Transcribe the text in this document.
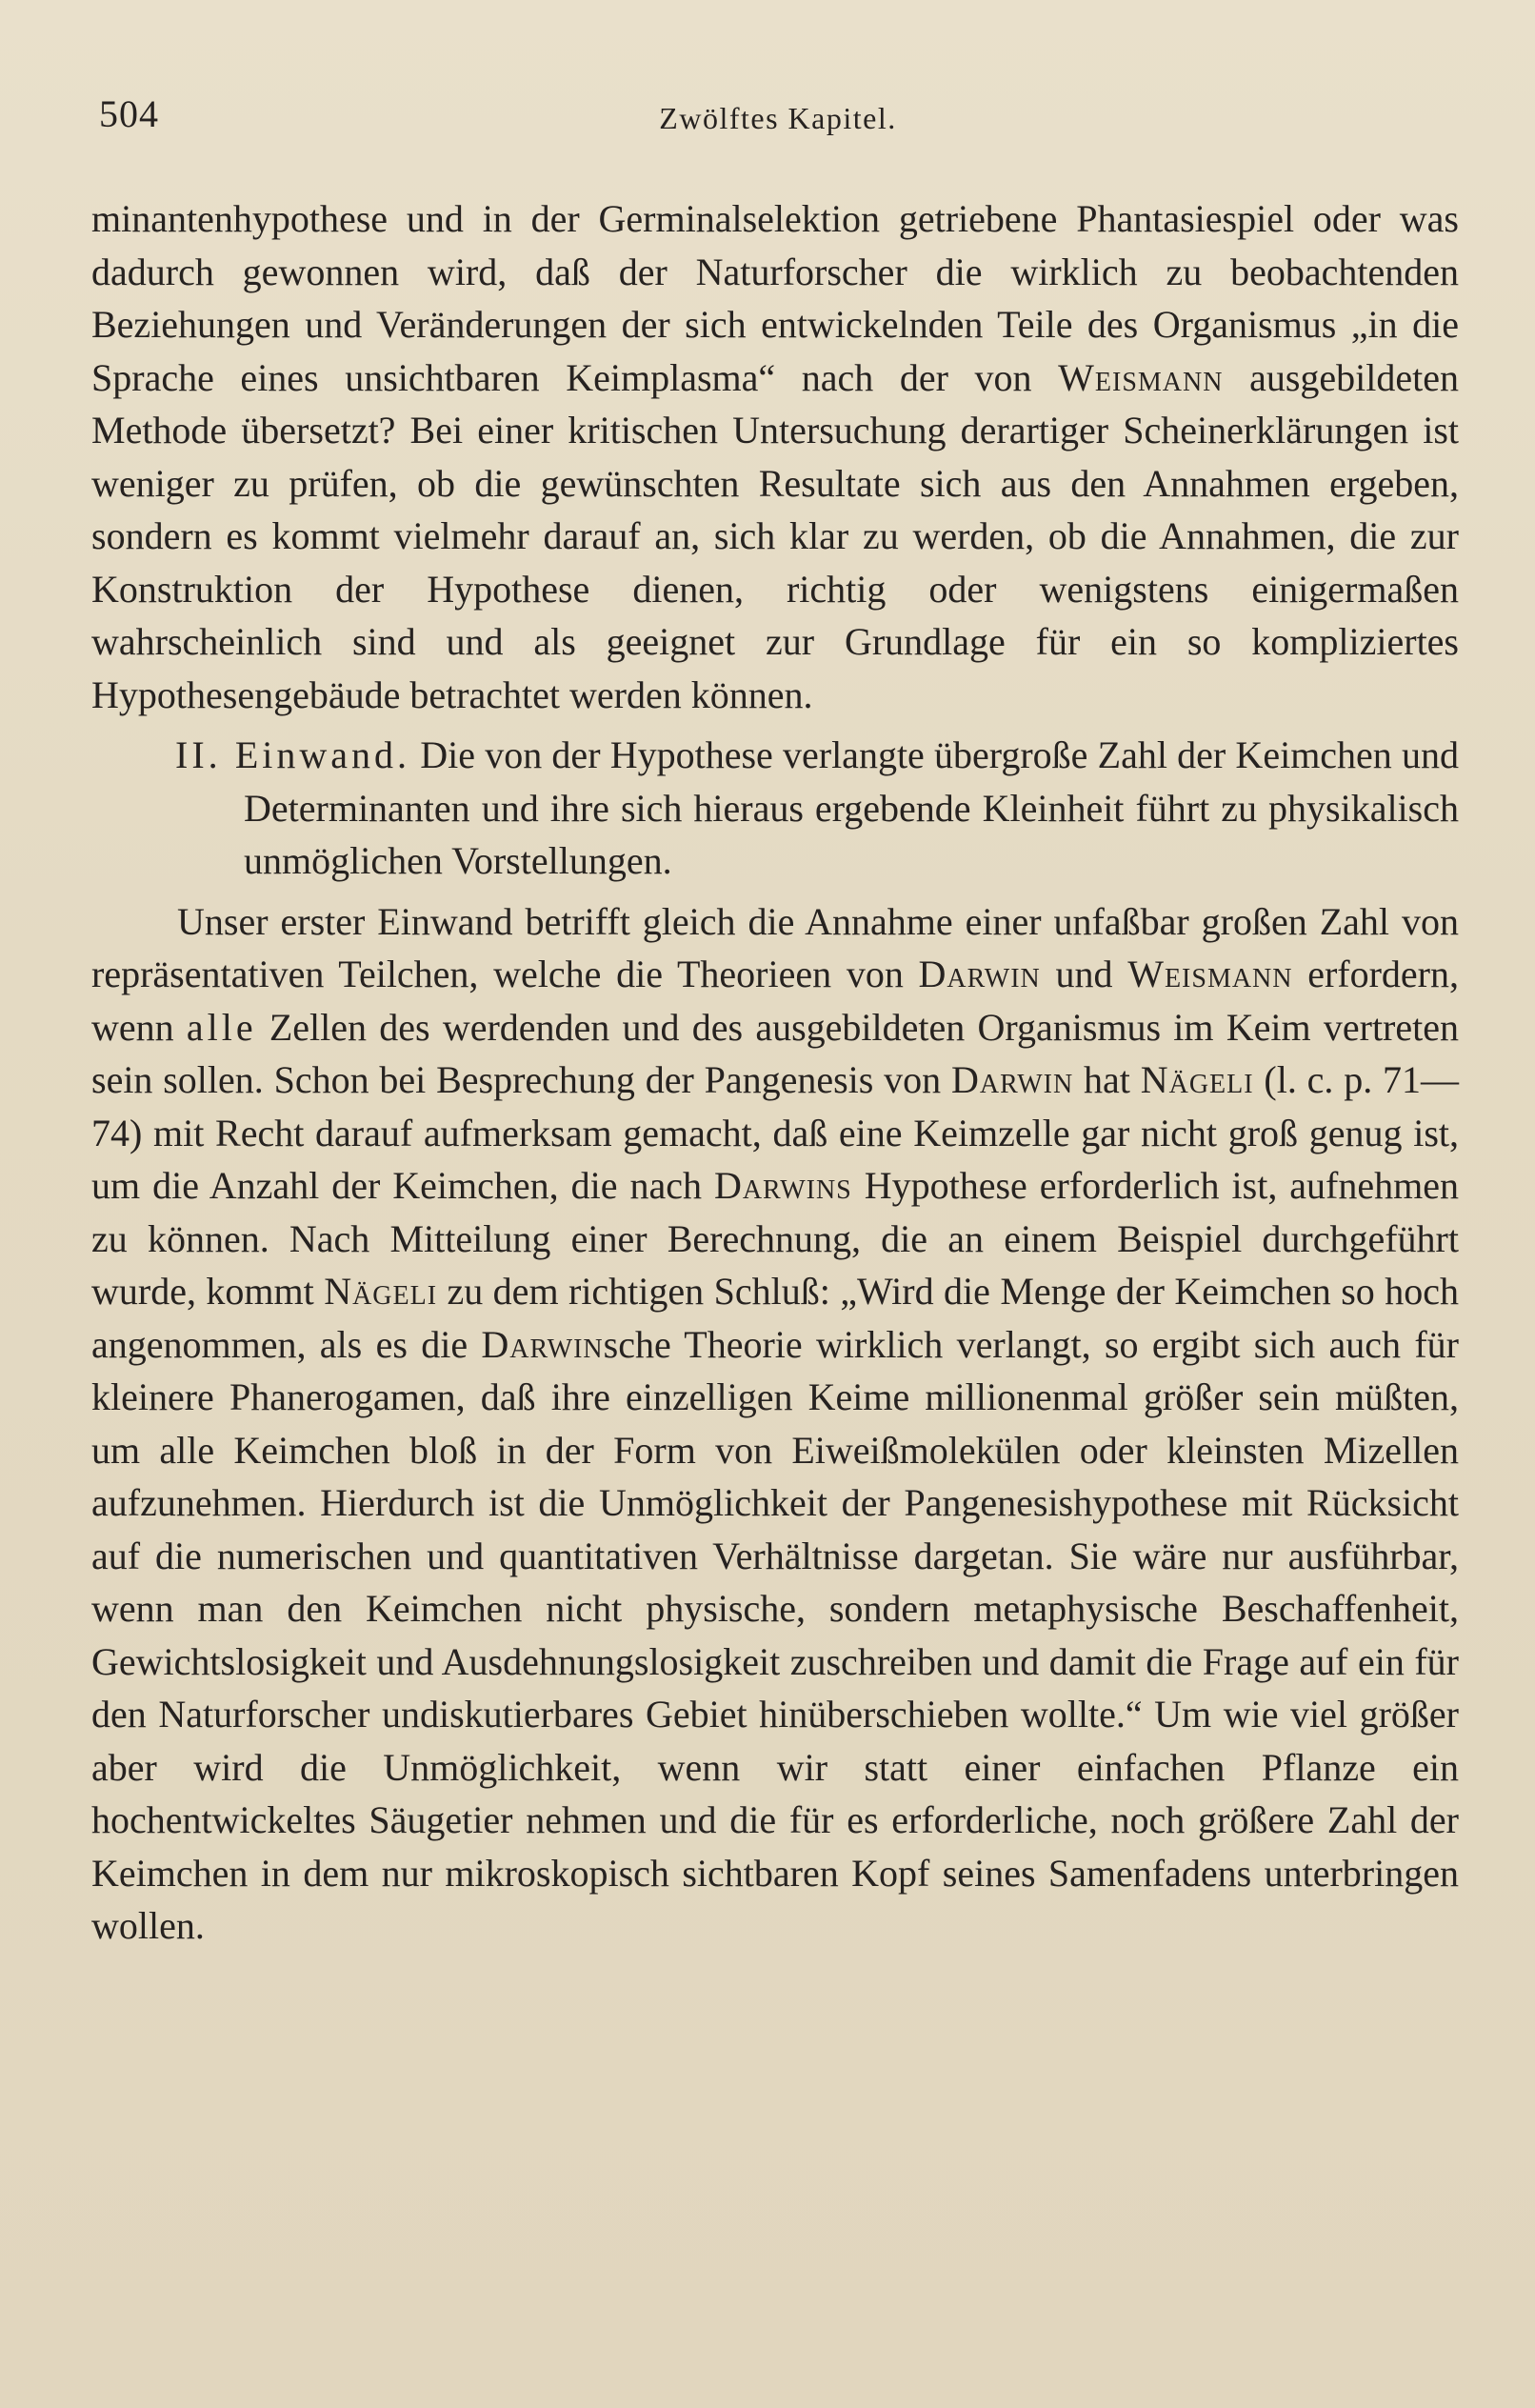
504	Zwölftes Kapitel.

minantenhypothese und in der Germinalselektion getriebene Phantasiespiel oder was dadurch gewonnen wird, daß der Naturforscher die wirklich zu beobachtenden Beziehungen und Veränderungen der sich entwickelnden Teile des Organismus „in die Sprache eines unsichtbaren Keimplasma“ nach der von Weismann ausgebildeten Methode übersetzt? Bei einer kritischen Untersuchung derartiger Scheinerklärungen ist weniger zu prüfen, ob die gewünschten Resultate sich aus den Annahmen ergeben, sondern es kommt vielmehr darauf an, sich klar zu werden, ob die Annahmen, die zur Konstruktion der Hypothese dienen, richtig oder wenigstens einigermaßen wahrscheinlich sind und als geeignet zur Grundlage für ein so kompliziertes Hypothesengebäude betrachtet werden können.

II. Einwand. Die von der Hypothese verlangte übergroße Zahl der Keimchen und Determinanten und ihre sich hieraus ergebende Kleinheit führt zu physikalisch unmöglichen Vorstellungen.

Unser erster Einwand betrifft gleich die Annahme einer unfaßbar großen Zahl von repräsentativen Teilchen, welche die Theorieen von Darwin und Weismann erfordern, wenn alle Zellen des werdenden und des ausgebildeten Organismus im Keim vertreten sein sollen. Schon bei Besprechung der Pangenesis von Darwin hat Nägeli (l. c. p. 71—74) mit Recht darauf aufmerksam gemacht, daß eine Keimzelle gar nicht groß genug ist, um die Anzahl der Keimchen, die nach Darwins Hypothese erforderlich ist, aufnehmen zu können. Nach Mitteilung einer Berechnung, die an einem Beispiel durchgeführt wurde, kommt Nägeli zu dem richtigen Schluß: „Wird die Menge der Keimchen so hoch angenommen, als es die Darwinsche Theorie wirklich verlangt, so ergibt sich auch für kleinere Phanerogamen, daß ihre einzelligen Keime millionenmal größer sein müßten, um alle Keimchen bloß in der Form von Eiweißmolekülen oder kleinsten Mizellen aufzunehmen. Hierdurch ist die Unmöglichkeit der Pangenesishypothese mit Rücksicht auf die numerischen und quantitativen Verhältnisse dargetan. Sie wäre nur ausführbar, wenn man den Keimchen nicht physische, sondern metaphysische Beschaffenheit, Gewichtslosigkeit und Ausdehnungslosigkeit zuschreiben und damit die Frage auf ein für den Naturforscher undiskutierbares Gebiet hinüberschieben wollte.“ Um wie viel größer aber wird die Unmöglichkeit, wenn wir statt einer einfachen Pflanze ein hochentwickeltes Säugetier nehmen und die für es erforderliche, noch größere Zahl der Keimchen in dem nur mikroskopisch sichtbaren Kopf seines Samenfadens unterbringen wollen.
